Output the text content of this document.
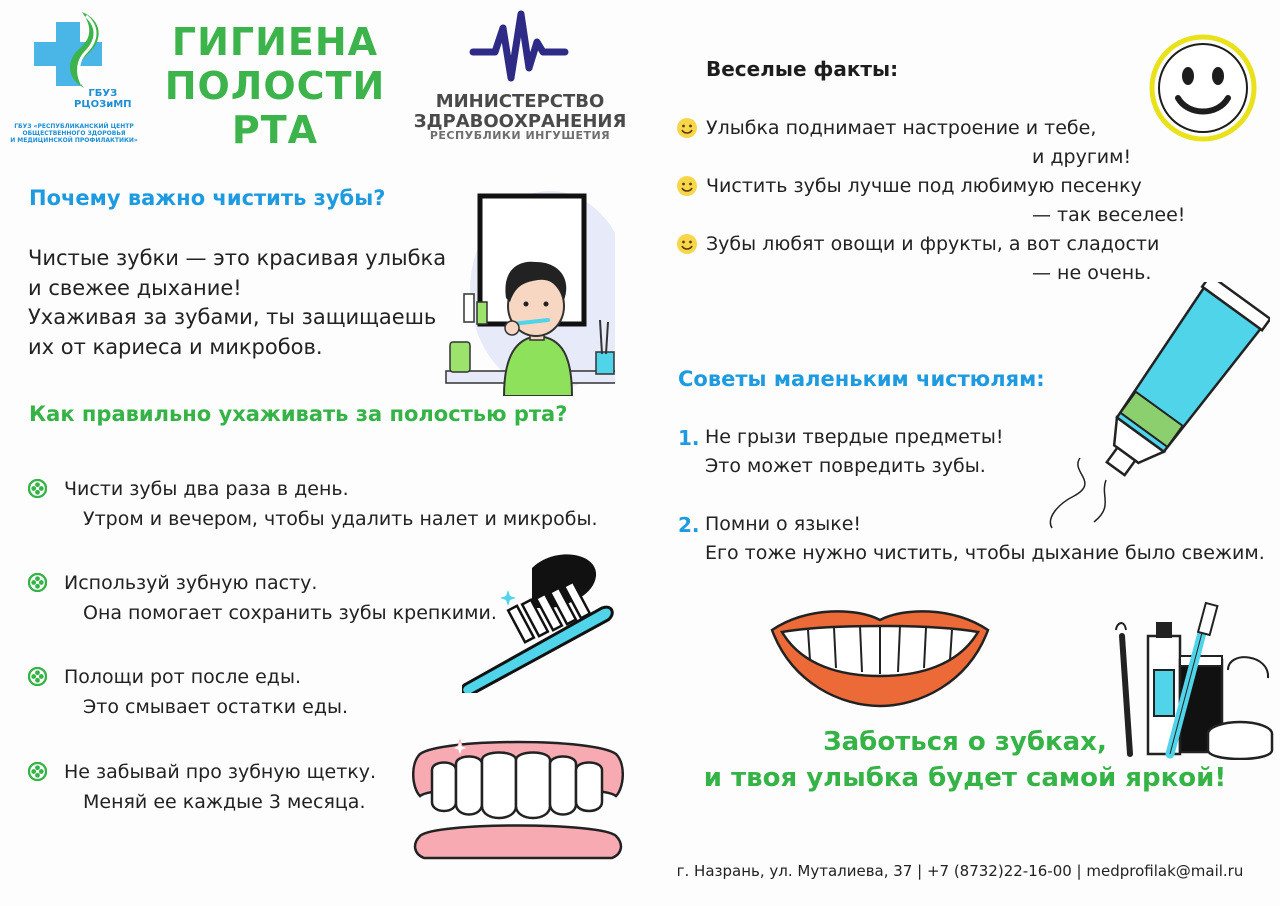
ГБУЗ
РЦОЗиМП
ГБУЗ «РЕСПУБЛИКАНСКИЙ ЦЕНТР
ОБЩЕСТВЕННОГО ЗДОРОВЬЯ
И МЕДИЦИНСКОЙ ПРОФИЛАКТИКИ»
ГИГИЕНА
ПОЛОСТИ
РТА
МИНИСТЕРСТВО
ЗДРАВООХРАНЕНИЯ
РЕСПУБЛИКИ ИНГУШЕТИЯ
Почему важно чистить зубы?
Чистые зубки — это красивая улыбка
и свежее дыхание!
Ухаживая за зубами, ты защищаешь
их от кариеса и микробов.
Как правильно ухаживать за полостью рта?
Чисти зубы два раза в день.
Утром и вечером, чтобы удалить налет и микробы.
Используй зубную пасту.
Она помогает сохранить зубы крепкими.
Полощи рот после еды.
Это смывает остатки еды.
Не забывай про зубную щетку.
Меняй ее каждые 3 месяца.
Веселые факты:
Улыбка поднимает настроение и тебе,
и другим!
Чистить зубы лучше под любимую песенку
— так веселее!
Зубы любят овощи и фрукты, а вот сладости
— не очень.
Советы маленьким чистюлям:
1. Не грызи твердые предметы!
Это может повредить зубы.
2. Помни о языке!
Его тоже нужно чистить, чтобы дыхание было свежим.
Заботься о зубках,
и твоя улыбка будет самой яркой!
г. Назрань, ул. Муталиева, 37 | +7 (8732)22-16-00 | medprofilak@mail.ru
